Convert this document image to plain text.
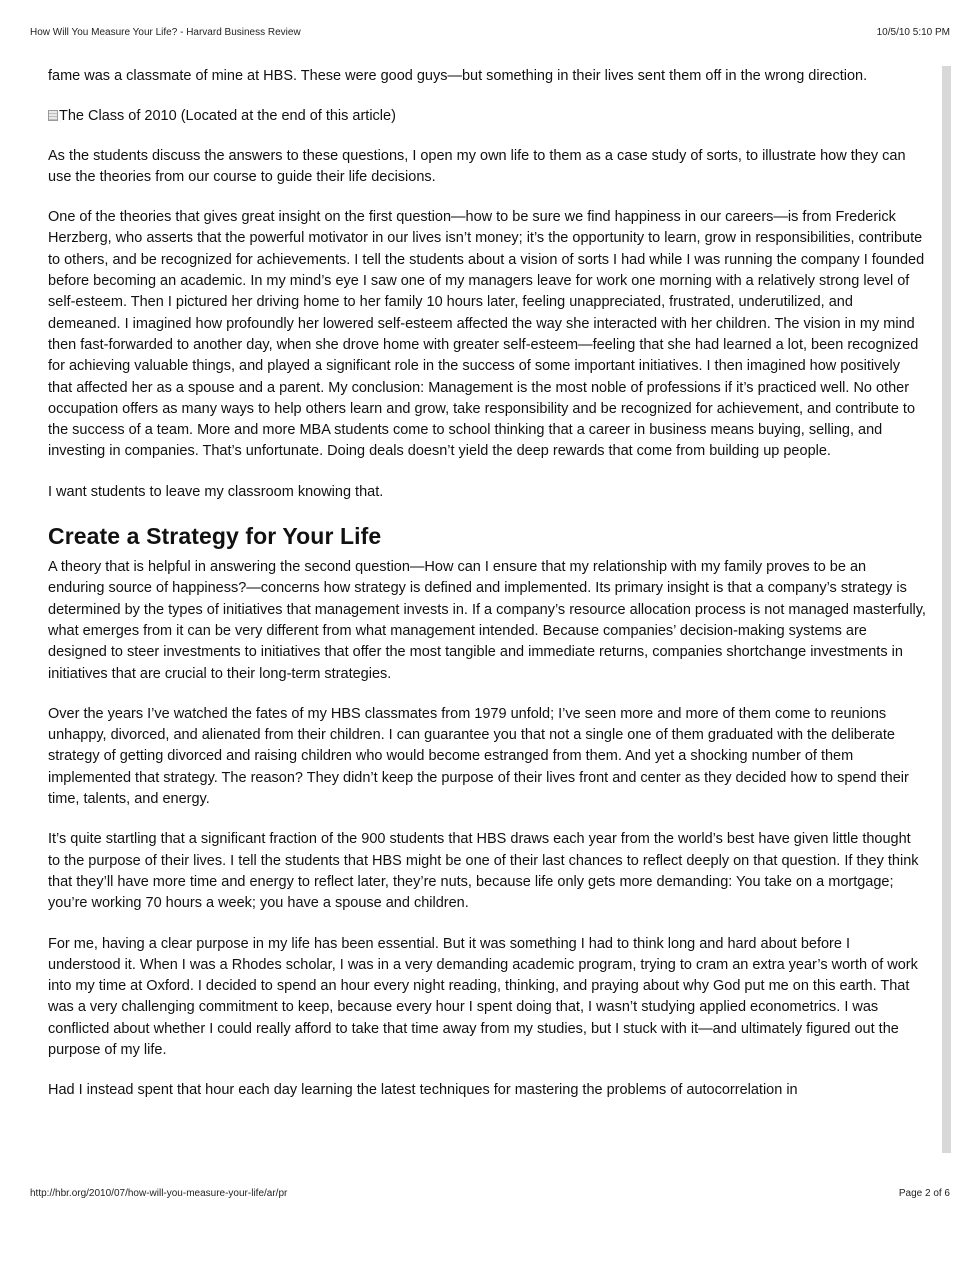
How Will You Measure Your Life? - Harvard Business Review	10/5/10 5:10 PM

fame was a classmate of mine at HBS. These were good guys—but something in their lives sent them off in the wrong direction.

The Class of 2010 (Located at the end of this article)

As the students discuss the answers to these questions, I open my own life to them as a case study of sorts, to illustrate how they can use the theories from our course to guide their life decisions.

One of the theories that gives great insight on the first question—how to be sure we find happiness in our careers—is from Frederick Herzberg, who asserts that the powerful motivator in our lives isn’t money; it’s the opportunity to learn, grow in responsibilities, contribute to others, and be recognized for achievements. I tell the students about a vision of sorts I had while I was running the company I founded before becoming an academic. In my mind’s eye I saw one of my managers leave for work one morning with a relatively strong level of self-esteem. Then I pictured her driving home to her family 10 hours later, feeling unappreciated, frustrated, underutilized, and demeaned. I imagined how profoundly her lowered self-esteem affected the way she interacted with her children. The vision in my mind then fast-forwarded to another day, when she drove home with greater self-esteem—feeling that she had learned a lot, been recognized for achieving valuable things, and played a significant role in the success of some important initiatives. I then imagined how positively that affected her as a spouse and a parent. My conclusion: Management is the most noble of professions if it’s practiced well. No other occupation offers as many ways to help others learn and grow, take responsibility and be recognized for achievement, and contribute to the success of a team. More and more MBA students come to school thinking that a career in business means buying, selling, and investing in companies. That’s unfortunate. Doing deals doesn’t yield the deep rewards that come from building up people.

I want students to leave my classroom knowing that.

Create a Strategy for Your Life

A theory that is helpful in answering the second question—How can I ensure that my relationship with my family proves to be an enduring source of happiness?—concerns how strategy is defined and implemented. Its primary insight is that a company’s strategy is determined by the types of initiatives that management invests in. If a company’s resource allocation process is not managed masterfully, what emerges from it can be very different from what management intended. Because companies’ decision-making systems are designed to steer investments to initiatives that offer the most tangible and immediate returns, companies shortchange investments in initiatives that are crucial to their long-term strategies.

Over the years I’ve watched the fates of my HBS classmates from 1979 unfold; I’ve seen more and more of them come to reunions unhappy, divorced, and alienated from their children. I can guarantee you that not a single one of them graduated with the deliberate strategy of getting divorced and raising children who would become estranged from them. And yet a shocking number of them implemented that strategy. The reason? They didn’t keep the purpose of their lives front and center as they decided how to spend their time, talents, and energy.

It’s quite startling that a significant fraction of the 900 students that HBS draws each year from the world’s best have given little thought to the purpose of their lives. I tell the students that HBS might be one of their last chances to reflect deeply on that question. If they think that they’ll have more time and energy to reflect later, they’re nuts, because life only gets more demanding: You take on a mortgage; you’re working 70 hours a week; you have a spouse and children.

For me, having a clear purpose in my life has been essential. But it was something I had to think long and hard about before I understood it. When I was a Rhodes scholar, I was in a very demanding academic program, trying to cram an extra year’s worth of work into my time at Oxford. I decided to spend an hour every night reading, thinking, and praying about why God put me on this earth. That was a very challenging commitment to keep, because every hour I spent doing that, I wasn’t studying applied econometrics. I was conflicted about whether I could really afford to take that time away from my studies, but I stuck with it—and ultimately figured out the purpose of my life.

Had I instead spent that hour each day learning the latest techniques for mastering the problems of autocorrelation in

http://hbr.org/2010/07/how-will-you-measure-your-life/ar/pr	Page 2 of 6
